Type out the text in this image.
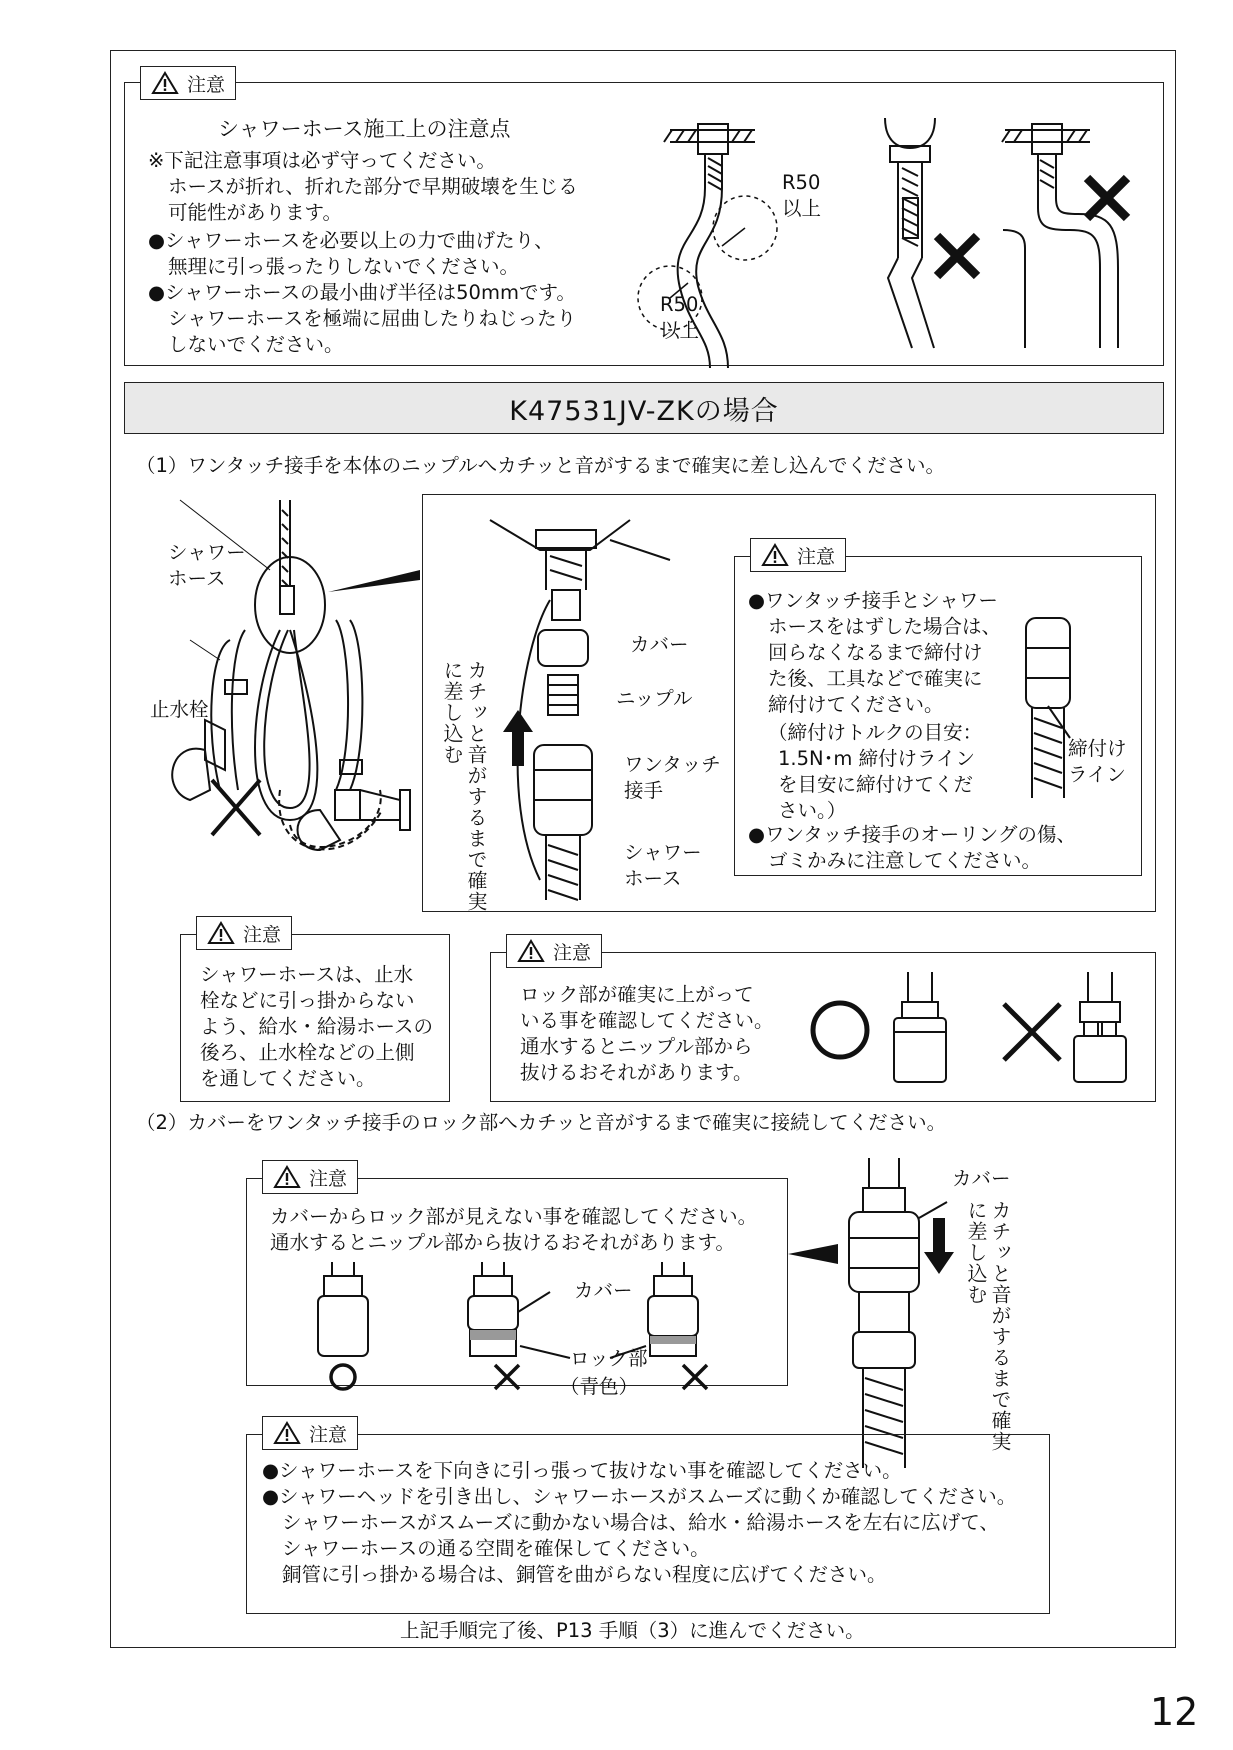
注意
シャワーホース施工上の注意点
※下記注意事項は必ず守ってください。
ホースが折れ、折れた部分で早期破壊を生じる
可能性があります。
●シャワーホースを必要以上の力で曲げたり、
無理に引っ張ったりしないでください。
●シャワーホースの最小曲げ半径は50mmです。
シャワーホースを極端に屈曲したりねじったり
しないでください。
R50
以上
R50
以上
K47531JV-ZKの場合
（1）ワンタッチ接手を本体のニップルへカチッと音がするまで確実に差し込んでください。
シャワー
ホース
止水栓	カチッと音がするまで確実に差し込む
カバー
ニップル
ワンタッチ
接手
シャワー
ホース
注意
●ワンタッチ接手とシャワー
ホースをはずした場合は、
回らなくなるまで締付け
た後、工具などで確実に
締付けてください。
（締付けトルクの目安：
1.5N･m 締付けライン
を目安に締付けてくだ
さい。）
●ワンタッチ接手のオーリングの傷、
ゴミかみに注意してください。
締付け
ライン
注意
シャワーホースは、止水
栓などに引っ掛からない
よう、給水・給湯ホースの
後ろ、止水栓などの上側
を通してください。
注意
ロック部が確実に上がって
いる事を確認してください。
通水するとニップル部から
抜けるおそれがあります。
（2）カバーをワンタッチ接手のロック部へカチッと音がするまで確実に接続してください。
注意
カバーからロック部が見えない事を確認してください。
通水するとニップル部から抜けるおそれがあります。
カバー
ロック部
（青色）
カバー
カチッと音がするまで確実に差し込む
注意
●シャワーホースを下向きに引っ張って抜けない事を確認してください。
●シャワーヘッドを引き出し、シャワーホースがスムーズに動くか確認してください。
シャワーホースがスムーズに動かない場合は、給水・給湯ホースを左右に広げて、
シャワーホースの通る空間を確保してください。
銅管に引っ掛かる場合は、銅管を曲がらない程度に広げてください。
上記手順完了後、P13 手順（3）に進んでください。
12
